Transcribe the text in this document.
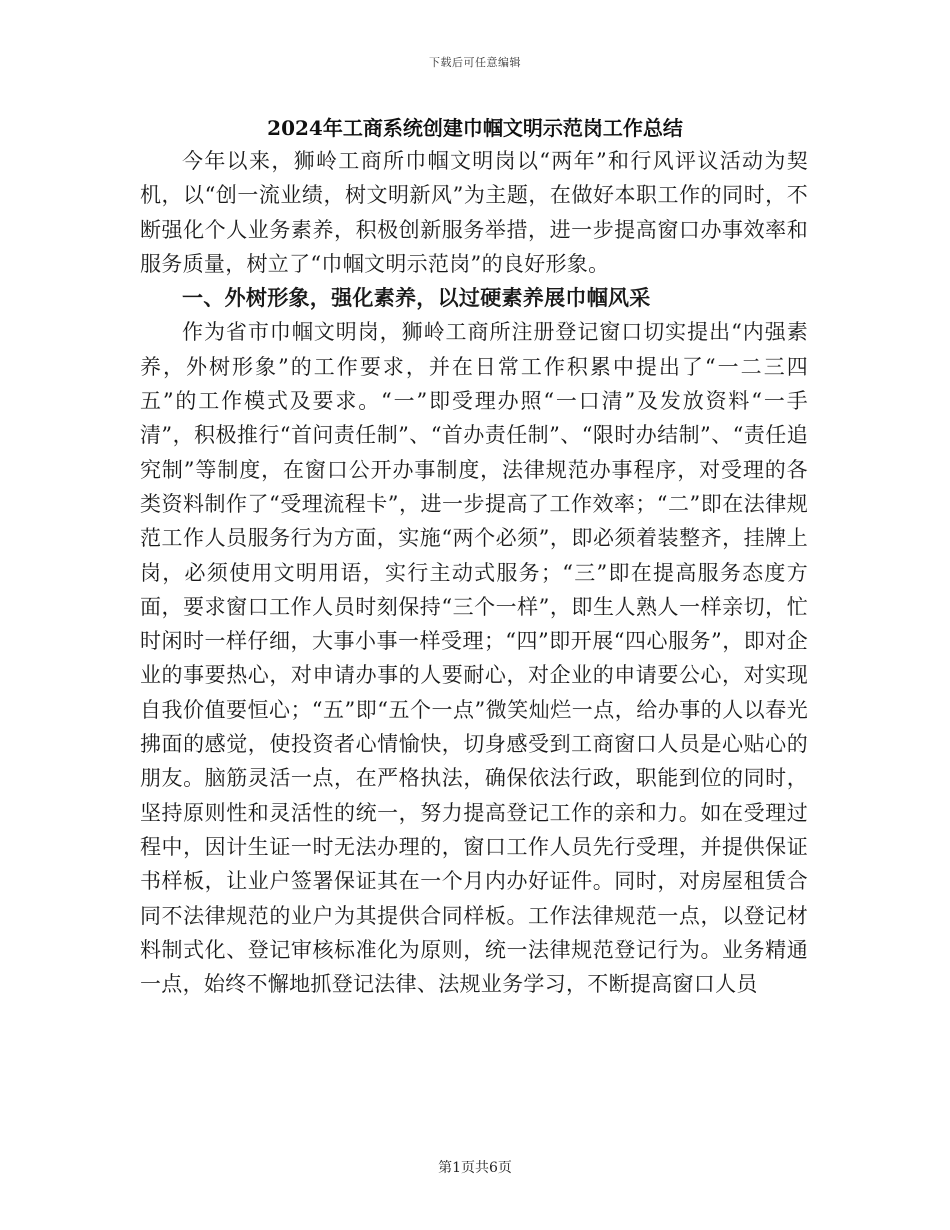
下载后可任意编辑
2024年工商系统创建巾帼文明示范岗工作总结

今年以来，狮岭工商所巾帼文明岗以“两年”和行风评议活动为契机，以“创一流业绩，树文明新风”为主题，在做好本职工作的同时，不断强化个人业务素养，积极创新服务举措，进一步提高窗口办事效率和服务质量，树立了“巾帼文明示范岗”的良好形象。

一、外树形象，强化素养，以过硬素养展巾帼风采

作为省市巾帼文明岗，狮岭工商所注册登记窗口切实提出“内强素养，外树形象”的工作要求，并在日常工作积累中提出了“一二三四五”的工作模式及要求。“一”即受理办照“一口清”及发放资料“一手清”，积极推行“首问责任制”、“首办责任制”、“限时办结制”、“责任追究制”等制度，在窗口公开办事制度，法律规范办事程序，对受理的各类资料制作了“受理流程卡”，进一步提高了工作效率；“二”即在法律规范工作人员服务行为方面，实施“两个必须”，即必须着装整齐，挂牌上岗，必须使用文明用语，实行主动式服务；“三”即在提高服务态度方面，要求窗口工作人员时刻保持“三个一样”，即生人熟人一样亲切，忙时闲时一样仔细，大事小事一样受理；“四”即开展“四心服务”，即对企业的事要热心，对申请办事的人要耐心，对企业的申请要公心，对实现自我价值要恒心；“五”即“五个一点”微笑灿烂一点，给办事的人以春光拂面的感觉，使投资者心情愉快，切身感受到工商窗口人员是心贴心的朋友。脑筋灵活一点，在严格执法，确保依法行政，职能到位的同时，坚持原则性和灵活性的统一，努力提高登记工作的亲和力。如在受理过程中，因计生证一时无法办理的，窗口工作人员先行受理，并提供保证书样板，让业户签署保证其在一个月内办好证件。同时，对房屋租赁合同不法律规范的业户为其提供合同样板。工作法律规范一点，以登记材料制式化、登记审核标准化为原则，统一法律规范登记行为。业务精通一点，始终不懈地抓登记法律、法规业务学习，不断提高窗口人员

第1页共6页
